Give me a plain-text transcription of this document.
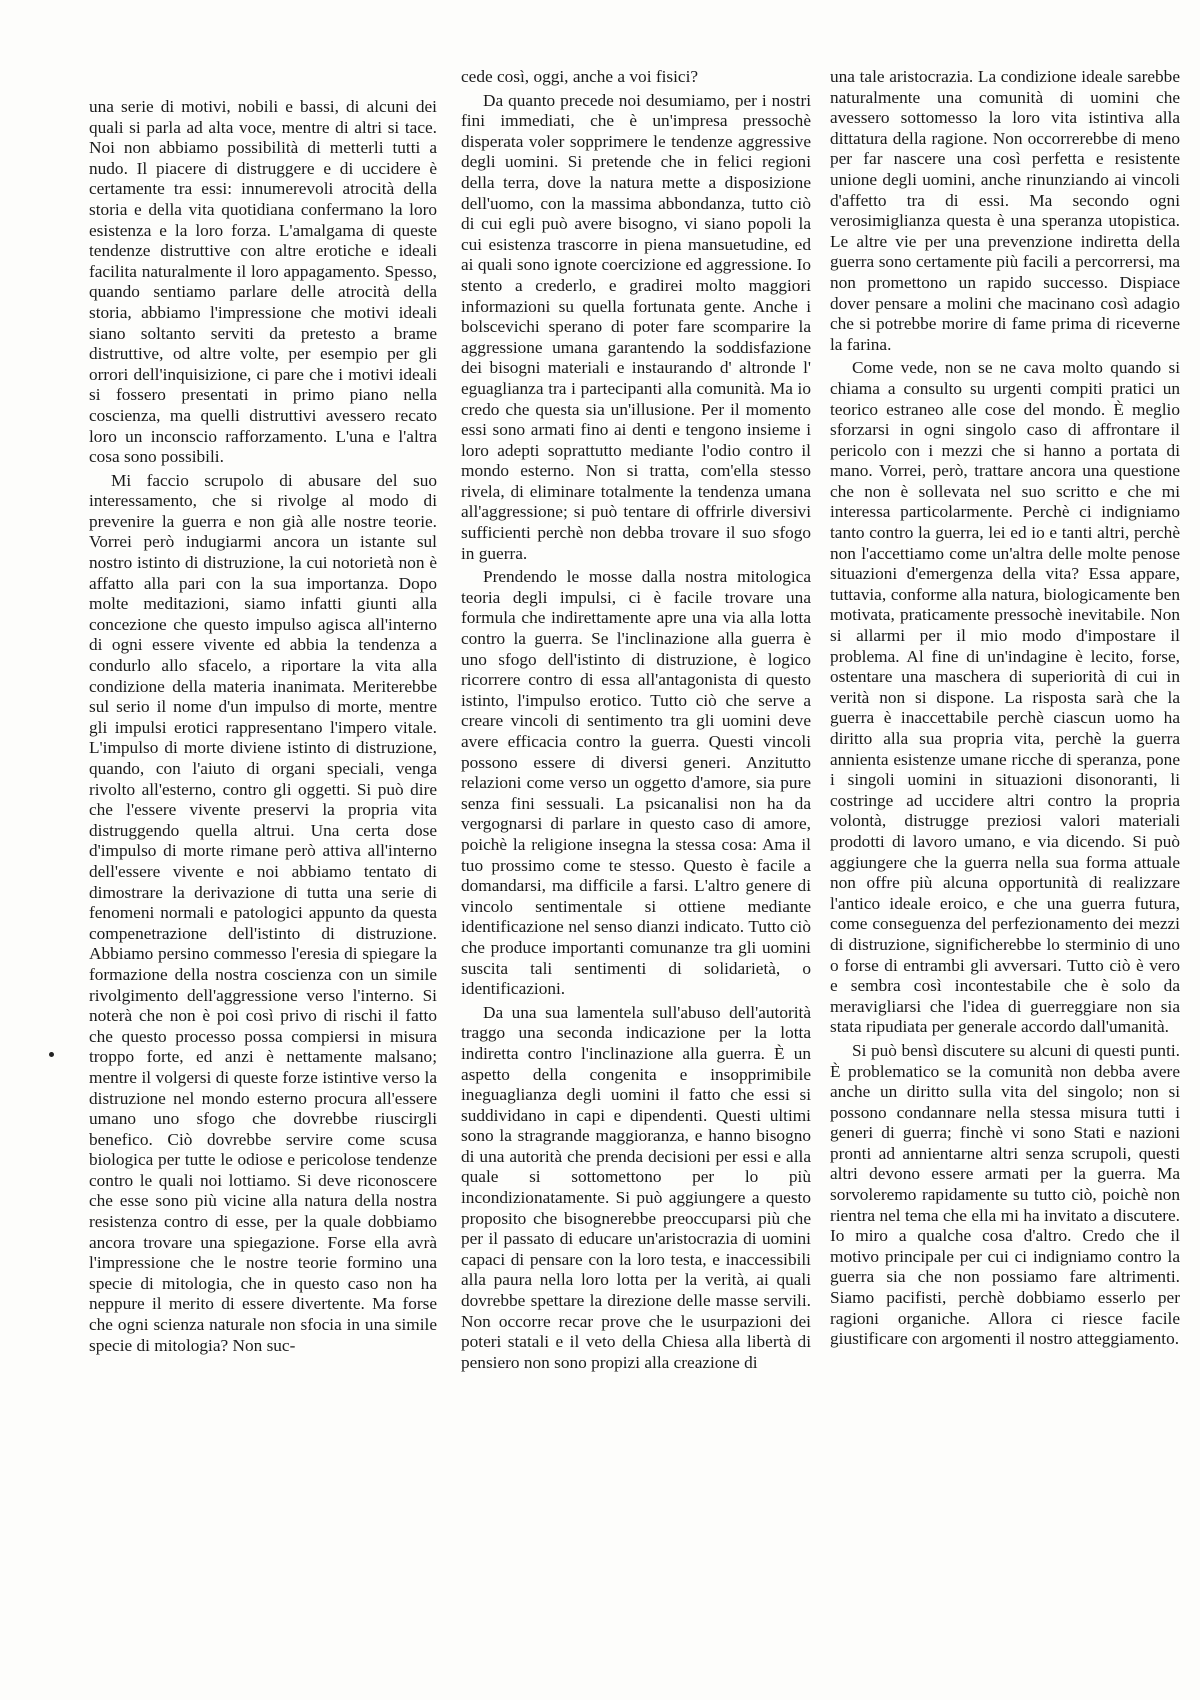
una serie di motivi, nobili e bassi, di alcuni dei quali si parla ad alta voce, mentre di altri si tace. Noi non abbiamo possibilità di metterli tutti a nudo. Il piacere di distruggere e di uccidere è certamente tra essi: innumerevoli atrocità della storia e della vita quotidiana confermano la loro esistenza e la loro forza. L'amalgama di queste tendenze distruttive con altre erotiche e ideali facilita naturalmente il loro appagamento. Spesso, quando sentiamo parlare delle atrocità della storia, abbiamo l'impressione che motivi ideali siano soltanto serviti da pretesto a brame distruttive, od altre volte, per esempio per gli orrori dell'inquisizione, ci pare che i motivi ideali si fossero presentati in primo piano nella coscienza, ma quelli distruttivi avessero recato loro un inconscio rafforzamento. L'una e l'altra cosa sono possibili.

Mi faccio scrupolo di abusare del suo interessamento, che si rivolge al modo di prevenire la guerra e non già alle nostre teorie. Vorrei però indugiarmi ancora un istante sul nostro istinto di distruzione, la cui notorietà non è affatto alla pari con la sua importanza. Dopo molte meditazioni, siamo infatti giunti alla concezione che questo impulso agisca all'interno di ogni essere vivente ed abbia la tendenza a condurlo allo sfacelo, a riportare la vita alla condizione della materia inanimata. Meriterebbe sul serio il nome d'un impulso di morte, mentre gli impulsi erotici rappresentano l'impero vitale. L'impulso di morte diviene istinto di distruzione, quando, con l'aiuto di organi speciali, venga rivolto all'esterno, contro gli oggetti. Si può dire che l'essere vivente preservi la propria vita distruggendo quella altrui. Una certa dose d'impulso di morte rimane però attiva all'interno dell'essere vivente e noi abbiamo tentato di dimostrare la derivazione di tutta una serie di fenomeni normali e patologici appunto da questa compenetrazione dell'istinto di distruzione. Abbiamo persino commesso l'eresia di spiegare la formazione della nostra coscienza con un simile rivolgimento dell'aggressione verso l'interno. Si noterà che non è poi così privo di rischi il fatto che questo processo possa compiersi in misura troppo forte, ed anzi è nettamente malsano; mentre il volgersi di queste forze istintive verso la distruzione nel mondo esterno procura all'essere umano uno sfogo che dovrebbe riuscirgli benefico. Ciò dovrebbe servire come scusa biologica per tutte le odiose e pericolose tendenze contro le quali noi lottiamo. Si deve riconoscere che esse sono più vicine alla natura della nostra resistenza contro di esse, per la quale dobbiamo ancora trovare una spiegazione. Forse ella avrà l'impressione che le nostre teorie formino una specie di mitologia, che in questo caso non ha neppure il merito di essere divertente. Ma forse che ogni scienza naturale non sfocia in una simile specie di mitologia? Non suc-

cede così, oggi, anche a voi fisici?

Da quanto precede noi desumiamo, per i nostri fini immediati, che è un'impresa pressochè disperata voler sopprimere le tendenze aggressive degli uomini. Si pretende che in felici regioni della terra, dove la natura mette a disposizione dell'uomo, con la massima abbondanza, tutto ciò di cui egli può avere bisogno, vi siano popoli la cui esistenza trascorre in piena mansuetudine, ed ai quali sono ignote coercizione ed aggressione. Io stento a crederlo, e gradirei molto maggiori informazioni su quella fortunata gente. Anche i bolscevichi sperano di poter fare scomparire la aggressione umana garantendo la soddisfazione dei bisogni materiali e instaurando d' altronde l' eguaglianza tra i partecipanti alla comunità. Ma io credo che questa sia un'illusione. Per il momento essi sono armati fino ai denti e tengono insieme i loro adepti soprattutto mediante l'odio contro il mondo esterno. Non si tratta, com'ella stesso rivela, di eliminare totalmente la tendenza umana all'aggressione; si può tentare di offrirle diversivi sufficienti perchè non debba trovare il suo sfogo in guerra.

Prendendo le mosse dalla nostra mitologica teoria degli impulsi, ci è facile trovare una formula che indirettamente apre una via alla lotta contro la guerra. Se l'inclinazione alla guerra è uno sfogo dell'istinto di distruzione, è logico ricorrere contro di essa all'antagonista di questo istinto, l'impulso erotico. Tutto ciò che serve a creare vincoli di sentimento tra gli uomini deve avere efficacia contro la guerra. Questi vincoli possono essere di diversi generi. Anzitutto relazioni come verso un oggetto d'amore, sia pure senza fini sessuali. La psicanalisi non ha da vergognarsi di parlare in questo caso di amore, poichè la religione insegna la stessa cosa: Ama il tuo prossimo come te stesso. Questo è facile a domandarsi, ma difficile a farsi. L'altro genere di vincolo sentimentale si ottiene mediante identificazione nel senso dianzi indicato. Tutto ciò che produce importanti comunanze tra gli uomini suscita tali sentimenti di solidarietà, o identificazioni.

Da una sua lamentela sull'abuso dell'autorità traggo una seconda indicazione per la lotta indiretta contro l'inclinazione alla guerra. È un aspetto della congenita e insopprimibile ineguaglianza degli uomini il fatto che essi si suddividano in capi e dipendenti. Questi ultimi sono la stragrande maggioranza, e hanno bisogno di una autorità che prenda decisioni per essi e alla quale si sottomettono per lo più incondizionatamente. Si può aggiungere a questo proposito che bisognerebbe preoccuparsi più che per il passato di educare un'aristocrazia di uomini capaci di pensare con la loro testa, e inaccessibili alla paura nella loro lotta per la verità, ai quali dovrebbe spettare la direzione delle masse servili. Non occorre recar prove che le usurpazioni dei poteri statali e il veto della Chiesa alla libertà di pensiero non sono propizi alla creazione di

una tale aristocrazia. La condizione ideale sarebbe naturalmente una comunità di uomini che avessero sottomesso la loro vita istintiva alla dittatura della ragione. Non occorrerebbe di meno per far nascere una così perfetta e resistente unione degli uomini, anche rinunziando ai vincoli d'affetto tra di essi. Ma secondo ogni verosimiglianza questa è una speranza utopistica. Le altre vie per una prevenzione indiretta della guerra sono certamente più facili a percorrersi, ma non promettono un rapido successo. Dispiace dover pensare a molini che macinano così adagio che si potrebbe morire di fame prima di riceverne la farina.

Come vede, non se ne cava molto quando si chiama a consulto su urgenti compiti pratici un teorico estraneo alle cose del mondo. È meglio sforzarsi in ogni singolo caso di affrontare il pericolo con i mezzi che si hanno a portata di mano. Vorrei, però, trattare ancora una questione che non è sollevata nel suo scritto e che mi interessa particolarmente. Perchè ci indigniamo tanto contro la guerra, lei ed io e tanti altri, perchè non l'accettiamo come un'altra delle molte penose situazioni d'emergenza della vita? Essa appare, tuttavia, conforme alla natura, biologicamente ben motivata, praticamente pressochè inevitabile. Non si allarmi per il mio modo d'impostare il problema. Al fine di un'indagine è lecito, forse, ostentare una maschera di superiorità di cui in verità non si dispone. La risposta sarà che la guerra è inaccettabile perchè ciascun uomo ha diritto alla sua propria vita, perchè la guerra annienta esistenze umane ricche di speranza, pone i singoli uomini in situazioni disonoranti, li costringe ad uccidere altri contro la propria volontà, distrugge preziosi valori materiali prodotti di lavoro umano, e via dicendo. Si può aggiungere che la guerra nella sua forma attuale non offre più alcuna opportunità di realizzare l'antico ideale eroico, e che una guerra futura, come conseguenza del perfezionamento dei mezzi di distruzione, significherebbe lo sterminio di uno o forse di entrambi gli avversari. Tutto ciò è vero e sembra così incontestabile che è solo da meravigliarsi che l'idea di guerreggiare non sia stata ripudiata per generale accordo dall'umanità.

Si può bensì discutere su alcuni di questi punti. È problematico se la comunità non debba avere anche un diritto sulla vita del singolo; non si possono condannare nella stessa misura tutti i generi di guerra; finchè vi sono Stati e nazioni pronti ad annientarne altri senza scrupoli, questi altri devono essere armati per la guerra. Ma sorvoleremo rapidamente su tutto ciò, poichè non rientra nel tema che ella mi ha invitato a discutere. Io miro a qualche cosa d'altro. Credo che il motivo principale per cui ci indigniamo contro la guerra sia che non possiamo fare altrimenti. Siamo pacifisti, perchè dobbiamo esserlo per ragioni organiche. Allora ci riesce facile giustificare con argomenti il nostro atteggiamento.
